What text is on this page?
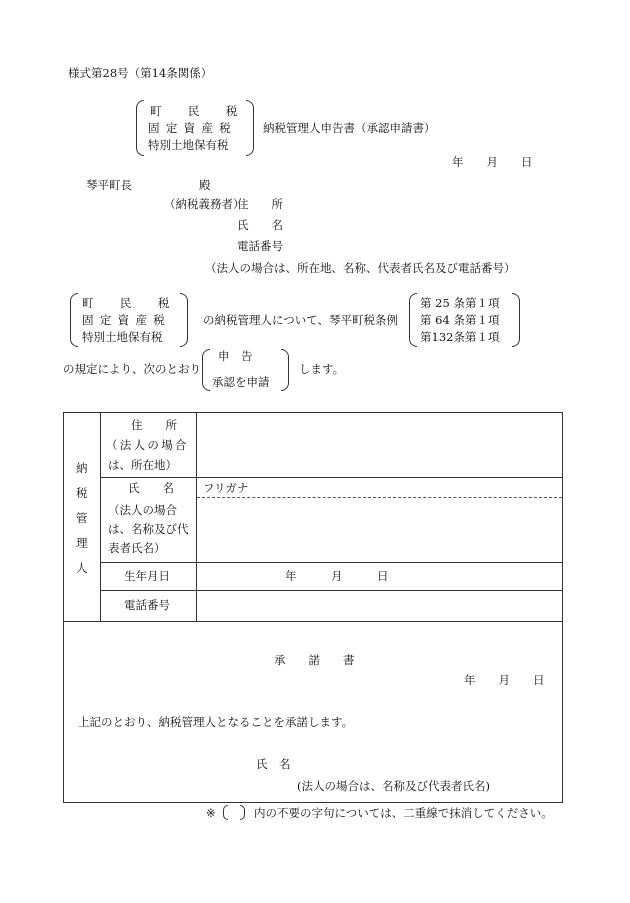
様式第28号（第14条関係）
町　　民　　税
固定資産税
特別土地保有税
納税管理人申告書（承認申請書）
年　　月　　日
琴平町長	殿
（納税義務者）
住　　所
氏　　名
電話番号
（法人の場合は、所在地、名称、代表者氏名及び電話番号）
町　　民　　税
固定資産税
特別土地保有税
の納税管理人について、琴平町税条例
第 25 条第１項
第 64 条第１項
第132条第１項
の規定により、次のとおり
申　告
承認を申請
します。
納
税
管
理
人
住　　所
（法人の場合
は、所在地）
氏　　名
（法人の場合
は、名称及び代
表者氏名）
フリガナ
生年月日	年　　　月　　　日
電話番号
承　　諾　　書
年　　月　　日
上記のとおり、納税管理人となることを承諾します。
氏　名
(法人の場合は、名称及び代表者氏名)
※	内の不要の字句については、二重線で抹消してください。
